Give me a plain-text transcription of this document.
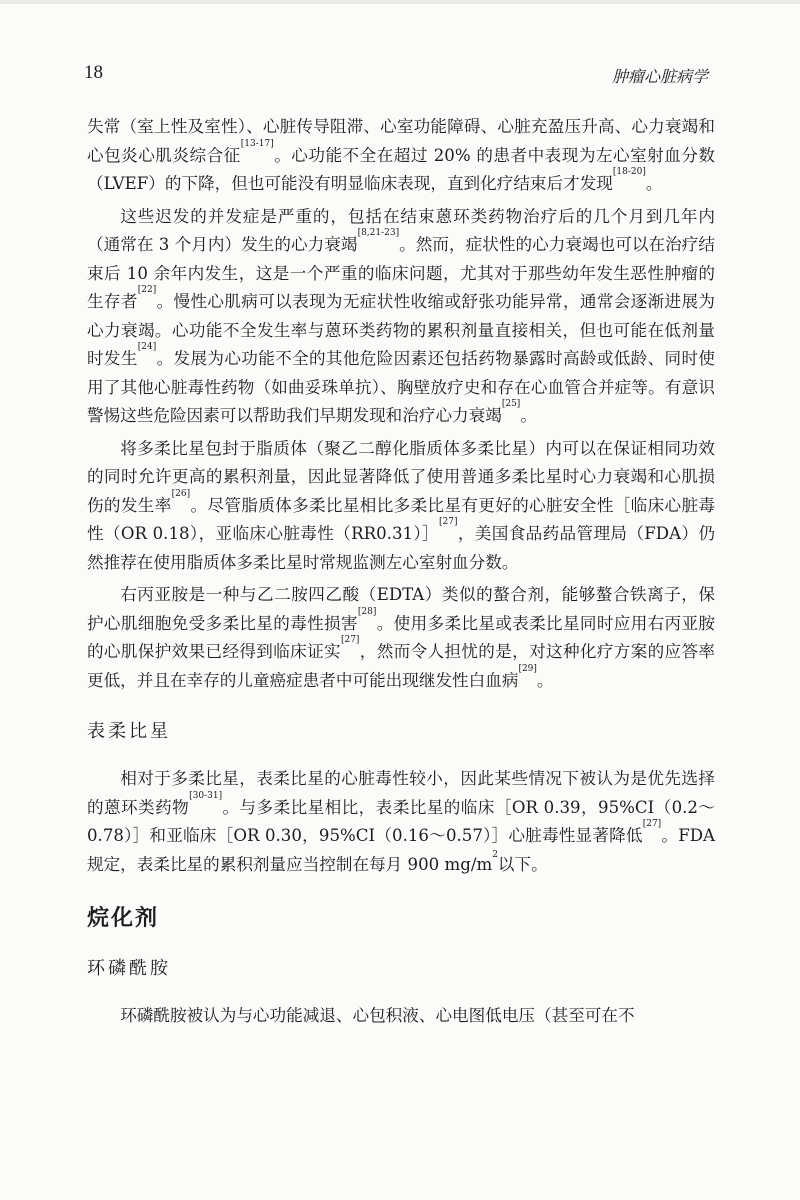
18	肿瘤心脏病学

失常（室上性及室性）、心脏传导阻滞、心室功能障碍、心脏充盈压升高、心力衰竭和心包炎心肌炎综合征[13-17]。心功能不全在超过 20% 的患者中表现为左心室射血分数（LVEF）的下降，但也可能没有明显临床表现，直到化疗结束后才发现[18-20]。

这些迟发的并发症是严重的，包括在结束蒽环类药物治疗后的几个月到几年内（通常在 3 个月内）发生的心力衰竭[8,21-23]。然而，症状性的心力衰竭也可以在治疗结束后 10 余年内发生，这是一个严重的临床问题，尤其对于那些幼年发生恶性肿瘤的生存者[22]。慢性心肌病可以表现为无症状性收缩或舒张功能异常，通常会逐渐进展为心力衰竭。心功能不全发生率与蒽环类药物的累积剂量直接相关，但也可能在低剂量时发生[24]。发展为心功能不全的其他危险因素还包括药物暴露时高龄或低龄、同时使用了其他心脏毒性药物（如曲妥珠单抗）、胸壁放疗史和存在心血管合并症等。有意识警惕这些危险因素可以帮助我们早期发现和治疗心力衰竭[25]。

将多柔比星包封于脂质体（聚乙二醇化脂质体多柔比星）内可以在保证相同功效的同时允许更高的累积剂量，因此显著降低了使用普通多柔比星时心力衰竭和心肌损伤的发生率[26]。尽管脂质体多柔比星相比多柔比星有更好的心脏安全性［临床心脏毒性（OR 0.18），亚临床心脏毒性（RR0.31）］[27]，美国食品药品管理局（FDA）仍然推荐在使用脂质体多柔比星时常规监测左心室射血分数。

右丙亚胺是一种与乙二胺四乙酸（EDTA）类似的螯合剂，能够螯合铁离子，保护心肌细胞免受多柔比星的毒性损害[28]。使用多柔比星或表柔比星同时应用右丙亚胺的心肌保护效果已经得到临床证实[27]，然而令人担忧的是，对这种化疗方案的应答率更低，并且在幸存的儿童癌症患者中可能出现继发性白血病[29]。

表柔比星

相对于多柔比星，表柔比星的心脏毒性较小，因此某些情况下被认为是优先选择的蒽环类药物[30-31]。与多柔比星相比，表柔比星的临床［OR 0.39，95%CI（0.2～0.78）］和亚临床［OR 0.30，95%CI（0.16～0.57）］心脏毒性显著降低[27]。FDA 规定，表柔比星的累积剂量应当控制在每月 900 $mg/m^2$以下。

烷化剂
环磷酰胺

环磷酰胺被认为与心功能减退、心包积液、心电图低电压（甚至可在不
